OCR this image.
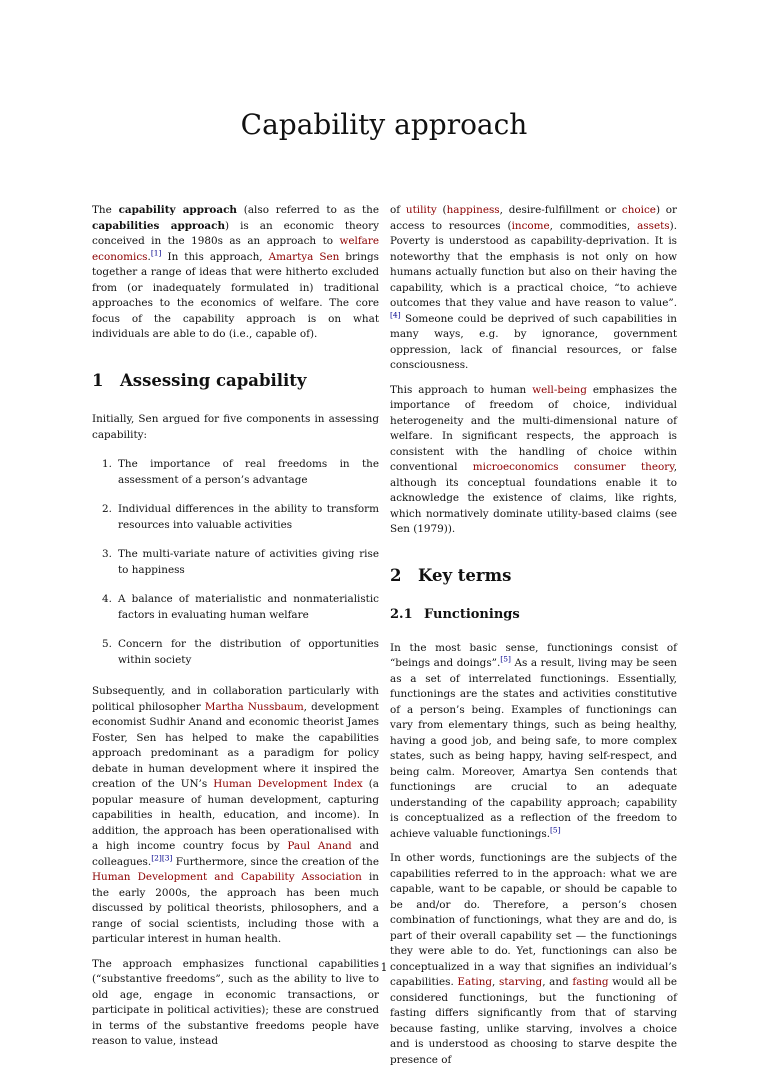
Capability approach

The capability approach (also referred to as the capabilities approach) is an economic theory conceived in the 1980s as an approach to welfare economics.[1] In this approach, Amartya Sen brings together a range of ideas that were hitherto excluded from (or inadequately formulated in) traditional approaches to the economics of welfare. The core focus of the capability approach is on what individuals are able to do (i.e., capable of).

1 Assessing capability

Initially, Sen argued for five components in assessing capability:

1. The importance of real freedoms in the assessment of a person’s advantage
2. Individual differences in the ability to transform resources into valuable activities
3. The multi-variate nature of activities giving rise to happiness
4. A balance of materialistic and nonmaterialistic factors in evaluating human welfare
5. Concern for the distribution of opportunities within society

Subsequently, and in collaboration particularly with political philosopher Martha Nussbaum, development economist Sudhir Anand and economic theorist James Foster, Sen has helped to make the capabilities approach predominant as a paradigm for policy debate in human development where it inspired the creation of the UN’s Human Development Index (a popular measure of human development, capturing capabilities in health, education, and income). In addition, the approach has been operationalised with a high income country focus by Paul Anand and colleagues.[2][3] Furthermore, since the creation of the Human Development and Capability Association in the early 2000s, the approach has been much discussed by political theorists, philosophers, and a range of social scientists, including those with a particular interest in human health.

The approach emphasizes functional capabilities (“substantive freedoms”, such as the ability to live to old age, engage in economic transactions, or participate in political activities); these are construed in terms of the substantive freedoms people have reason to value, instead

of utility (happiness, desire-fulfillment or choice) or access to resources (income, commodities, assets). Poverty is understood as capability-deprivation. It is noteworthy that the emphasis is not only on how humans actually function but also on their having the capability, which is a practical choice, “to achieve outcomes that they value and have reason to value”.[4] Someone could be deprived of such capabilities in many ways, e.g. by ignorance, government oppression, lack of financial resources, or false consciousness.

This approach to human well-being emphasizes the importance of freedom of choice, individual heterogeneity and the multi-dimensional nature of welfare. In significant respects, the approach is consistent with the handling of choice within conventional microeconomics consumer theory, although its conceptual foundations enable it to acknowledge the existence of claims, like rights, which normatively dominate utility-based claims (see Sen (1979)).

2 Key terms
2.1 Functionings

In the most basic sense, functionings consist of “beings and doings”.[5] As a result, living may be seen as a set of interrelated functionings. Essentially, functionings are the states and activities constitutive of a person’s being. Examples of functionings can vary from elementary things, such as being healthy, having a good job, and being safe, to more complex states, such as being happy, having self-respect, and being calm. Moreover, Amartya Sen contends that functionings are crucial to an adequate understanding of the capability approach; capability is conceptualized as a reflection of the freedom to achieve valuable functionings.[5]

In other words, functionings are the subjects of the capabilities referred to in the approach: what we are capable, want to be capable, or should be capable to be and/or do. Therefore, a person’s chosen combination of functionings, what they are and do, is part of their overall capability set — the functionings they were able to do. Yet, functionings can also be conceptualized in a way that signifies an individual’s capabilities. Eating, starving, and fasting would all be considered functionings, but the functioning of fasting differs significantly from that of starving because fasting, unlike starving, involves a choice and is understood as choosing to starve despite the presence of

1
